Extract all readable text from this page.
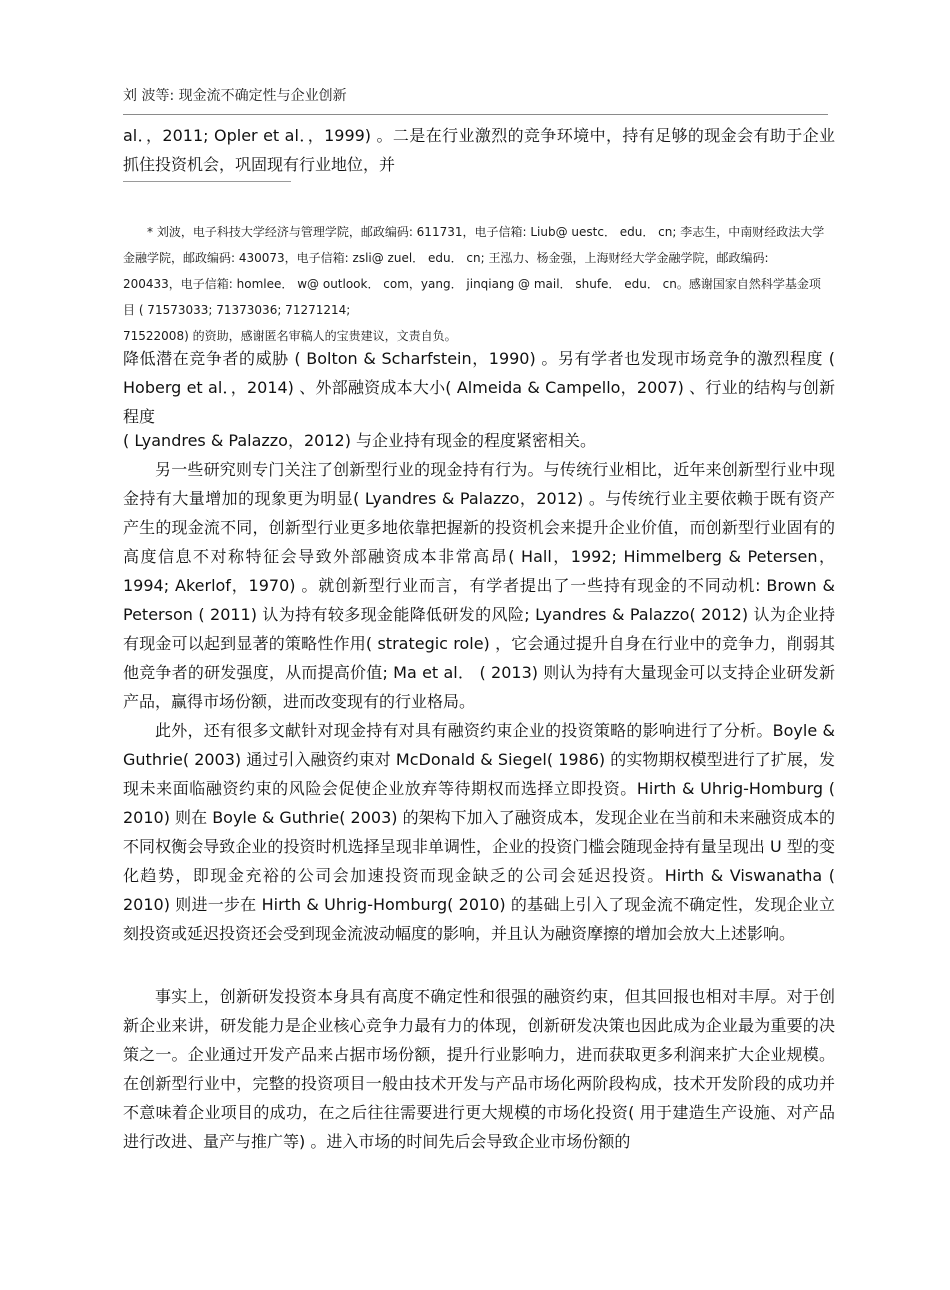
刘 波等: 现金流不确定性与企业创新

al．，2011; Opler et al．，1999) 。二是在行业激烈的竞争环境中，持有足够的现金会有助于企业抓住投资机会，巩固现有行业地位，并

* 刘波，电子科技大学经济与管理学院，邮政编码: 611731，电子信箱: Liub@ uestc． edu． cn; 李志生，中南财经政法大学金融学院，邮政编码: 430073，电子信箱: zsli@ zuel． edu． cn; 王泓力、杨金强，上海财经大学金融学院，邮政编码: 200433，电子信箱: homlee． w@ outlook． com，yang． jinqiang @ mail． shufe． edu． cn。感谢国家自然科学基金项目 ( 71573033; 71373036; 71271214;
71522008) 的资助，感谢匿名审稿人的宝贵建议，文责自负。

降低潜在竞争者的威胁 ( Bolton & Scharfstein，1990) 。另有学者也发现市场竞争的激烈程度 ( Hoberg et al．，2014) 、外部融资成本大小( Almeida & Campello，2007) 、行业的结构与创新程度

( Lyandres & Palazzo，2012) 与企业持有现金的程度紧密相关。

另一些研究则专门关注了创新型行业的现金持有行为。与传统行业相比，近年来创新型行业中现金持有大量增加的现象更为明显( Lyandres & Palazzo，2012) 。与传统行业主要依赖于既有资产产生的现金流不同，创新型行业更多地依靠把握新的投资机会来提升企业价值，而创新型行业固有的高度信息不对称特征会导致外部融资成本非常高昂( Hall，1992; Himmelberg & Petersen，1994; Akerlof，1970) 。就创新型行业而言，有学者提出了一些持有现金的不同动机: Brown & Peterson ( 2011) 认为持有较多现金能降低研发的风险; Lyandres & Palazzo( 2012) 认为企业持有现金可以起到显著的策略性作用( strategic role) ，它会通过提升自身在行业中的竞争力，削弱其他竞争者的研发强度，从而提高价值; Ma et al． ( 2013) 则认为持有大量现金可以支持企业研发新产品，赢得市场份额，进而改变现有的行业格局。

此外，还有很多文献针对现金持有对具有融资约束企业的投资策略的影响进行了分析。Boyle & Guthrie( 2003) 通过引入融资约束对 McDonald & Siegel( 1986) 的实物期权模型进行了扩展，发现未来面临融资约束的风险会促使企业放弃等待期权而选择立即投资。Hirth & Uhrig-Homburg ( 2010) 则在 Boyle & Guthrie( 2003) 的架构下加入了融资成本，发现企业在当前和未来融资成本的不同权衡会导致企业的投资时机选择呈现非单调性，企业的投资门槛会随现金持有量呈现出 U 型的变化趋势，即现金充裕的公司会加速投资而现金缺乏的公司会延迟投资。Hirth & Viswanatha ( 2010) 则进一步在 Hirth & Uhrig-Homburg( 2010) 的基础上引入了现金流不确定性，发现企业立刻投资或延迟投资还会受到现金流波动幅度的影响，并且认为融资摩擦的增加会放大上述影响。

事实上，创新研发投资本身具有高度不确定性和很强的融资约束，但其回报也相对丰厚。对于创新企业来讲，研发能力是企业核心竞争力最有力的体现，创新研发决策也因此成为企业最为重要的决策之一。企业通过开发产品来占据市场份额，提升行业影响力，进而获取更多利润来扩大企业规模。在创新型行业中，完整的投资项目一般由技术开发与产品市场化两阶段构成，技术开发阶段的成功并不意味着企业项目的成功，在之后往往需要进行更大规模的市场化投资( 用于建造生产设施、对产品进行改进、量产与推广等) 。进入市场的时间先后会导致企业市场份额的
